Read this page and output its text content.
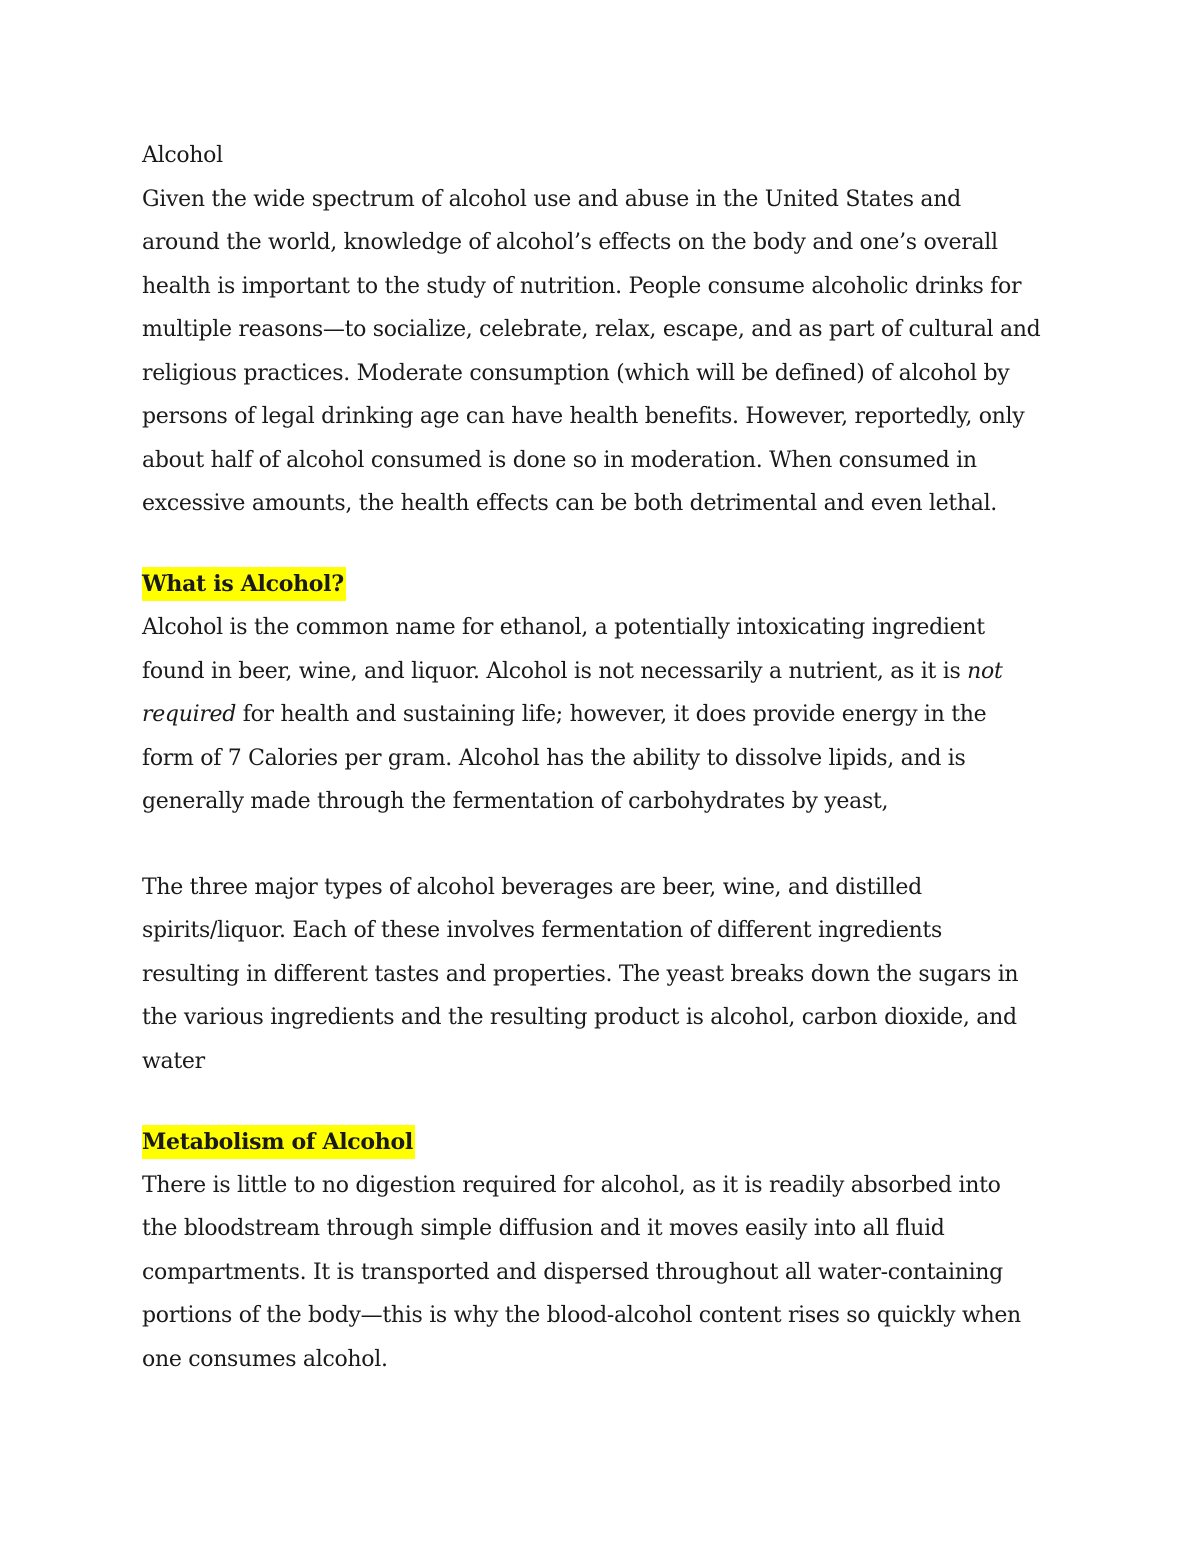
Alcohol
Given the wide spectrum of alcohol use and abuse in the United States and
around the world, knowledge of alcohol’s effects on the body and one’s overall
health is important to the study of nutrition. People consume alcoholic drinks for
multiple reasons—to socialize, celebrate, relax, escape, and as part of cultural and
religious practices. Moderate consumption (which will be defined) of alcohol by
persons of legal drinking age can have health benefits. However, reportedly, only
about half of alcohol consumed is done so in moderation. When consumed in
excessive amounts, the health effects can be both detrimental and even lethal.
What is Alcohol?
Alcohol is the common name for ethanol, a potentially intoxicating ingredient
found in beer, wine, and liquor. Alcohol is not necessarily a nutrient, as it is not
required for health and sustaining life; however, it does provide energy in the
form of 7 Calories per gram. Alcohol has the ability to dissolve lipids, and is
generally made through the fermentation of carbohydrates by yeast,
The three major types of alcohol beverages are beer, wine, and distilled
spirits/liquor. Each of these involves fermentation of different ingredients
resulting in different tastes and properties. The yeast breaks down the sugars in
the various ingredients and the resulting product is alcohol, carbon dioxide, and
water
Metabolism of Alcohol
There is little to no digestion required for alcohol, as it is readily absorbed into
the bloodstream through simple diffusion and it moves easily into all fluid
compartments. It is transported and dispersed throughout all water-containing
portions of the body—this is why the blood-alcohol content rises so quickly when
one consumes alcohol.
